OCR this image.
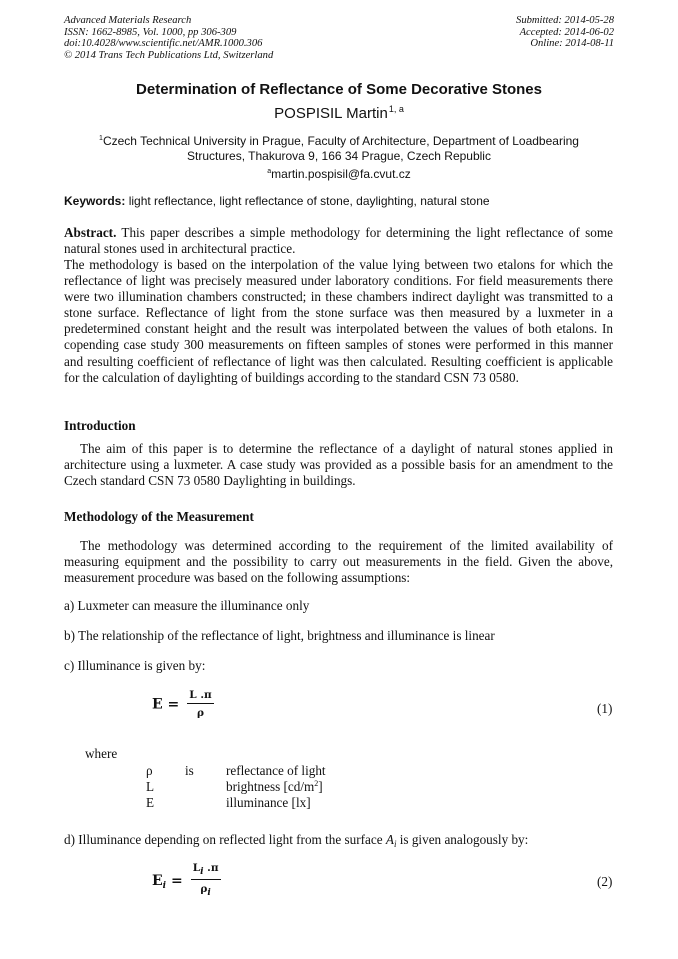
Advanced Materials Research
ISSN: 1662-8985, Vol. 1000, pp 306-309
doi:10.4028/www.scientific.net/AMR.1000.306
© 2014 Trans Tech Publications Ltd, Switzerland
Submitted: 2014-05-28
Accepted: 2014-06-02
Online: 2014-08-11
Determination of Reflectance of Some Decorative Stones
POSPISIL Martin$^{1, a}$
$^1$Czech Technical University in Prague, Faculty of Architecture, Department of Loadbearing
Structures, Thakurova 9, 166 34 Prague, Czech Republic
$^a$martin.pospisil@fa.cvut.cz
Keywords: light reflectance, light reflectance of stone, daylighting, natural stone
Abstract. This paper describes a simple methodology for determining the light reflectance of some natural stones used in architectural practice.
The methodology is based on the interpolation of the value lying between two etalons for which the reflectance of light was precisely measured under laboratory conditions. For field measurements there were two illumination chambers constructed; in these chambers indirect daylight was transmitted to a stone surface. Reflectance of light from the stone surface was then measured by a luxmeter in a predetermined constant height and the result was interpolated between the values of both etalons. In copending case study 300 measurements on fifteen samples of stones were performed in this manner and resulting coefficient of reflectance of light was then calculated. Resulting coefficient is applicable for the calculation of daylighting of buildings according to the standard CSN 73 0580.
Introduction
The aim of this paper is to determine the reflectance of a daylight of natural stones applied in architecture using a luxmeter. A case study was provided as a possible basis for an amendment to the Czech standard CSN 73 0580 Daylighting in buildings.
Methodology of the Measurement
The methodology was determined according to the requirement of the limited availability of measuring equipment and the possibility to carry out measurements in the field. Given the above, measurement procedure was based on the following assumptions:
a) Luxmeter can measure the illuminance only
b) The relationship of the reflectance of light, brightness and illuminance is linear
c) Illuminance is given by:
$E = \frac{L .\pi}{\rho}$	(1)
where
ρ is reflectance of light
L	brightness $[cd/m^2]$
E	illuminance [lx]
d) Illuminance depending on reflected light from the surface $A_i$ is given analogously by:
$E_i = \frac{Li .\pi}{\rho i}$	(2)
